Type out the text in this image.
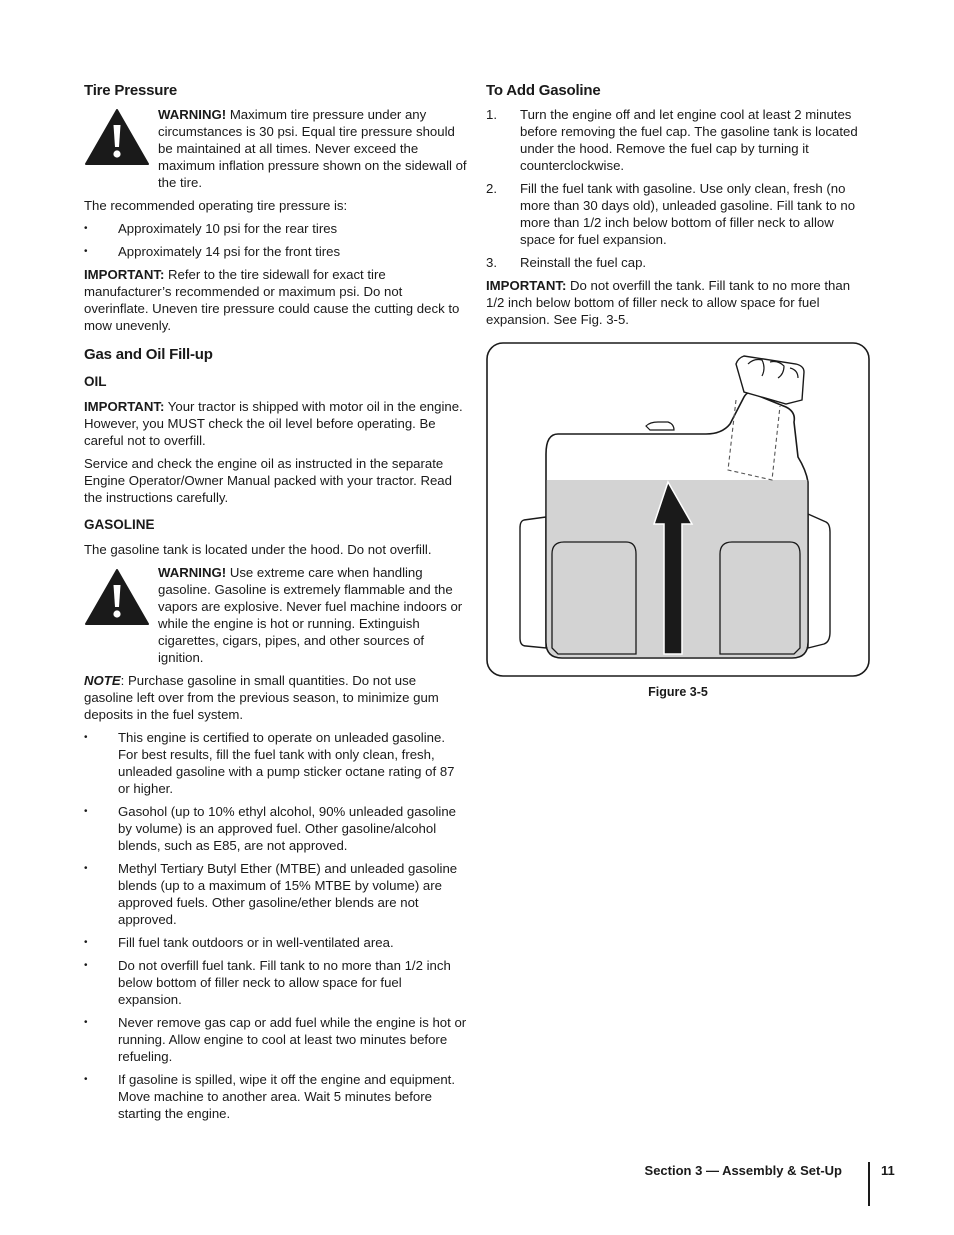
Tire Pressure
WARNING! Maximum tire pressure under any circumstances is 30 psi. Equal tire pressure should be maintained at all times. Never exceed the maximum inflation pressure shown on the sidewall of the tire.

The recommended operating tire pressure is:

• Approximately 10 psi for the rear tires
• Approximately 14 psi for the front tires

IMPORTANT: Refer to the tire sidewall for exact tire manufacturer’s recommended or maximum psi. Do not overinflate. Uneven tire pressure could cause the cutting deck to mow unevenly.

Gas and Oil Fill-up
OIL

IMPORTANT: Your tractor is shipped with motor oil in the engine. However, you MUST check the oil level before operating. Be careful not to overfill.

Service and check the engine oil as instructed in the separate Engine Operator/Owner Manual packed with your tractor. Read the instructions carefully.

GASOLINE

The gasoline tank is located under the hood. Do not overfill.

WARNING! Use extreme care when handling gasoline. Gasoline is extremely flammable and the vapors are explosive. Never fuel machine indoors or while the engine is hot or running. Extinguish cigarettes, cigars, pipes, and other sources of ignition.

NOTE: Purchase gasoline in small quantities. Do not use gasoline left over from the previous season, to minimize gum deposits in the fuel system.

• This engine is certified to operate on unleaded gasoline. For best results, fill the fuel tank with only clean, fresh, unleaded gasoline with a pump sticker octane rating of 87 or higher.
• Gasohol (up to 10% ethyl alcohol, 90% unleaded gasoline by volume) is an approved fuel. Other gasoline/alcohol blends, such as E85, are not approved.
• Methyl Tertiary Butyl Ether (MTBE) and unleaded gasoline blends (up to a maximum of 15% MTBE by volume) are approved fuels. Other gasoline/ether blends are not approved.
• Fill fuel tank outdoors or in well-ventilated area.
• Do not overfill fuel tank. Fill tank to no more than 1/2 inch below bottom of filler neck to allow space for fuel expansion.
• Never remove gas cap or add fuel while the engine is hot or running. Allow engine to cool at least two minutes before refueling.
• If gasoline is spilled, wipe it off the engine and equipment. Move machine to another area. Wait 5 minutes before starting the engine.
To Add Gasoline
1. Turn the engine off and let engine cool at least 2 minutes before removing the fuel cap. The gasoline tank is located under the hood. Remove the fuel cap by turning it counterclockwise.
2. Fill the fuel tank with gasoline. Use only clean, fresh (no more than 30 days old), unleaded gasoline. Fill tank to no more than 1/2 inch below bottom of filler neck to allow space for fuel expansion.
3. Reinstall the fuel cap.

IMPORTANT: Do not overfill the tank. Fill tank to no more than 1/2 inch below bottom of filler neck to allow space for fuel expansion. See Fig. 3-5.

Figure 3-5
Section 3 — Assembly & Set-Up	11
